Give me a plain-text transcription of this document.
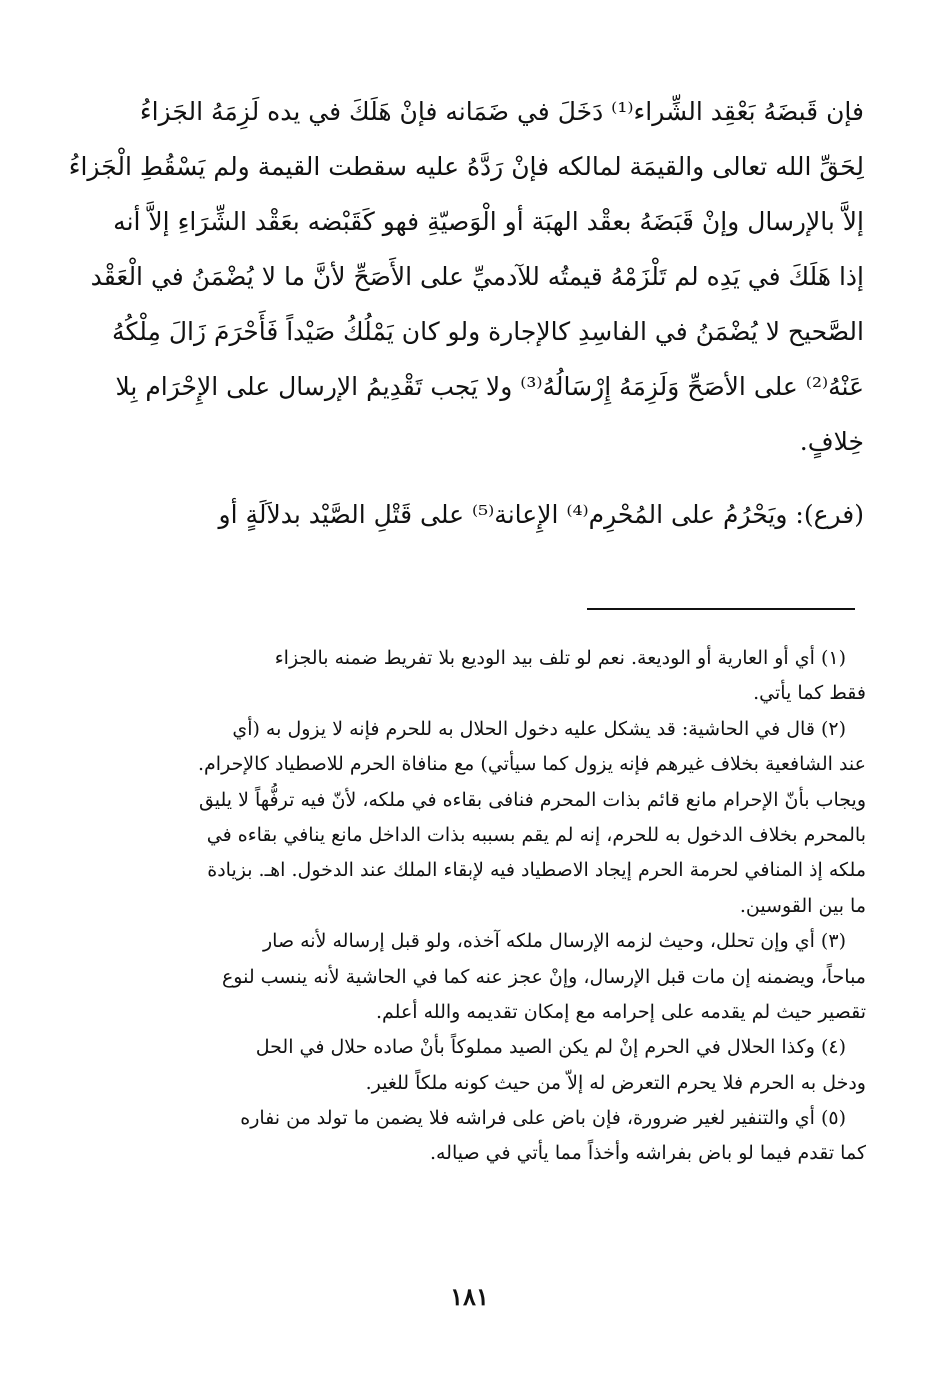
فإن قَبضَهُ بَعْقِد الشِّراء⁽¹⁾ دَخَلَ في ضَمَانه فإنْ هَلَكَ في يده لَزِمَهُ الجَزاءُ
لِحَقِّ الله تعالى والقيمَة لمالكه فإنْ رَدَّهُ عليه سقطت القيمة ولم يَسْقُطِ الْجَزاءُ
إلاَّ بالإرسال وإنْ قَبَضَهُ بعقْد الهبَة أو الْوَصيّةِ فهو كَقَبْضه بعَقْد الشِّرَاءِ إلاَّ أنه
إذا هَلَكَ في يَدِه لم تَلْزَمْهُ قيمتُه للآدميِّ على الأَصَحِّ لأنَّ ما لا يُضْمَنُ في الْعَقْد
الصَّحيح لا يُضْمَنُ في الفاسِدِ كالإجارة ولو كان يَمْلُكُ صَيْداً فَأَحْرَمَ زَالَ مِلْكُهُ
عَنْهُ⁽²⁾ على الأصَحِّ وَلَزِمَهُ إِرْسَالُهُ⁽³⁾ ولا يَجب تَقْدِيمُ الإرسال على الإِحْرَام بِلا
خِلافٍ.
(فرع): ويَحْرُمُ على المُحْرِم⁽⁴⁾ الإِعانة⁽⁵⁾ على قَتْلِ الصَّيْد بدلاَلَةٍ أو
(١) أي أو العارية أو الوديعة. نعم لو تلف بيد الوديع بلا تفريط ضمنه بالجزاء
فقط كما يأتي.
(٢) قال في الحاشية: قد يشكل عليه دخول الحلال به للحرم فإنه لا يزول به (أي
عند الشافعية بخلاف غيرهم فإنه يزول كما سيأتي) مع منافاة الحرم للاصطياد كالإحرام.
ويجاب بأنّ الإحرام مانع قائم بذات المحرم فنافى بقاءه في ملكه، لأنّ فيه ترفُّهاً لا يليق
بالمحرم بخلاف الدخول به للحرم، إنه لم يقم بسببه بذات الداخل مانع ينافي بقاءه في
ملكه إذ المنافي لحرمة الحرم إيجاد الاصطياد فيه لإبقاء الملك عند الدخول. اهـ. بزيادة
ما بين القوسين.
(٣) أي وإن تحلل، وحيث لزمه الإرسال ملكه آخذه، ولو قبل إرساله لأنه صار
مباحاً، ويضمنه إن مات قبل الإرسال، وإنْ عجز عنه كما في الحاشية لأنه ينسب لنوع
تقصير حيث لم يقدمه على إحرامه مع إمكان تقديمه والله أعلم.
(٤) وكذا الحلال في الحرم إنْ لم يكن الصيد مملوكاً بأنْ صاده حلال في الحل
ودخل به الحرم فلا يحرم التعرض له إلاّ من حيث كونه ملكاً للغير.
(٥) أي والتنفير لغير ضرورة، فإن باض على فراشه فلا يضمن ما تولد من نفاره
كما تقدم فيما لو باض بفراشه وأخذاً مما يأتي في صياله.
١٨١
